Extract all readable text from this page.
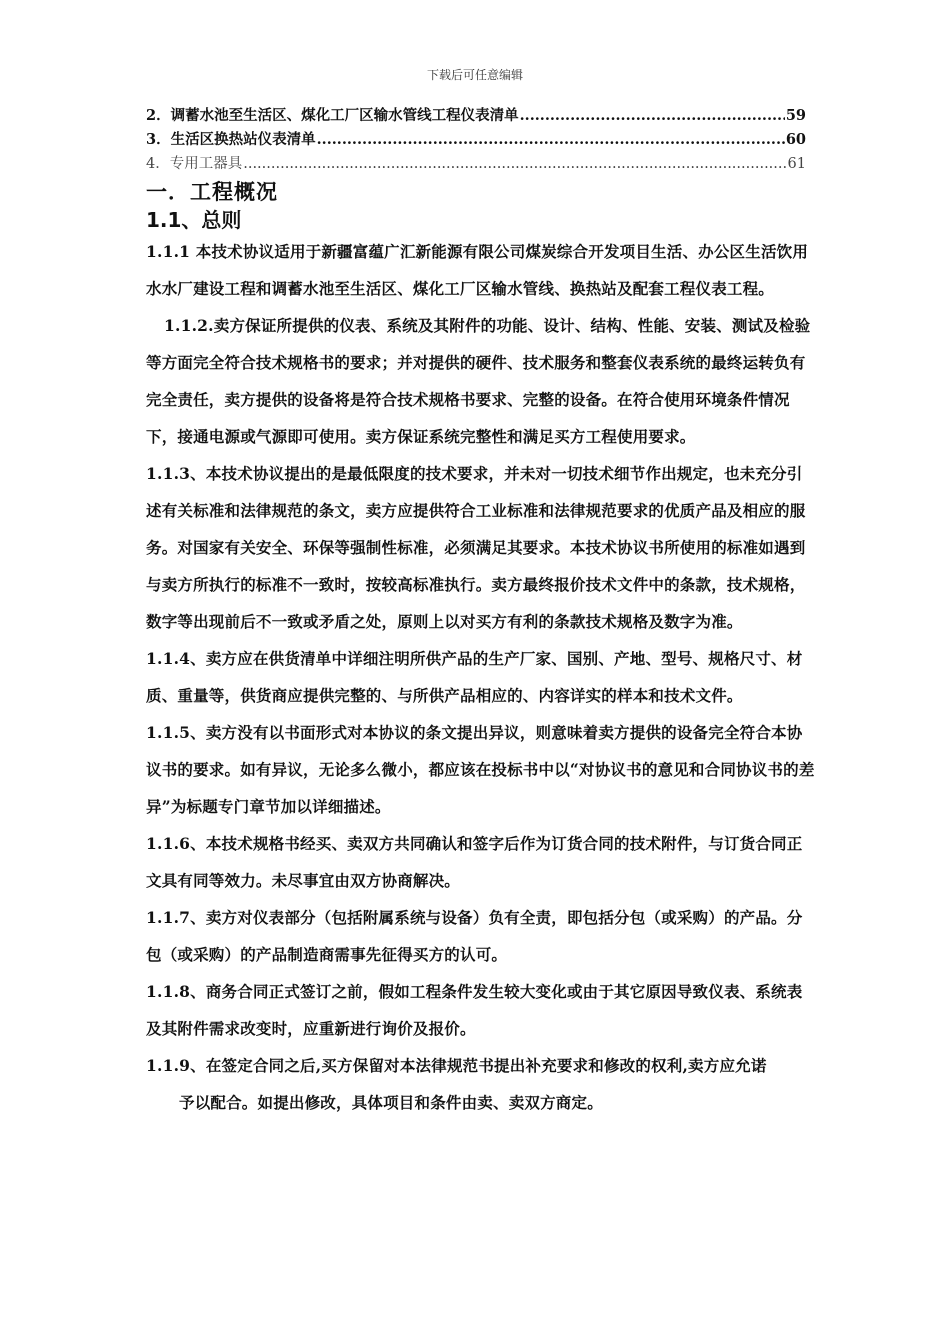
下载后可任意编辑
2． 调蓄水池至生活区、煤化工厂区输水管线工程仪表清单 .....	59
3． 生活区换热站仪表清单 .....	60
4． 专用工器具 .....	61
一．工程概况
1.1、总则

1.1.1 本技术协议适用于新疆富蕴广汇新能源有限公司煤炭综合开发项目生活、办公区生活饮用水水厂建设工程和调蓄水池至生活区、煤化工厂区输水管线、换热站及配套工程仪表工程。

1.1.2.卖方保证所提供的仪表、系统及其附件的功能、设计、结构、性能、安装、测试及检验等方面完全符合技术规格书的要求；并对提供的硬件、技术服务和整套仪表系统的最终运转负有完全责任，卖方提供的设备将是符合技术规格书要求、完整的设备。在符合使用环境条件情况下，接通电源或气源即可使用。卖方保证系统完整性和满足买方工程使用要求。

1.1.3、本技术协议提出的是最低限度的技术要求，并未对一切技术细节作出规定，也未充分引述有关标准和法律规范的条文，卖方应提供符合工业标准和法律规范要求的优质产品及相应的服务。对国家有关安全、环保等强制性标准，必须满足其要求。本技术协议书所使用的标准如遇到与卖方所执行的标准不一致时，按较高标准执行。卖方最终报价技术文件中的条款，技术规格，数字等出现前后不一致或矛盾之处，原则上以对买方有利的条款技术规格及数字为准。

1.1.4、卖方应在供货清单中详细注明所供产品的生产厂家、国别、产地、型号、规格尺寸、材质、重量等，供货商应提供完整的、与所供产品相应的、内容详实的样本和技术文件。

1.1.5、卖方没有以书面形式对本协议的条文提出异议，则意味着卖方提供的设备完全符合本协议书的要求。如有异议，无论多么微小，都应该在投标书中以“对协议书的意见和合同协议书的差异”为标题专门章节加以详细描述。

1.1.6、本技术规格书经买、卖双方共同确认和签字后作为订货合同的技术附件，与订货合同正文具有同等效力。未尽事宜由双方协商解决。

1.1.7、卖方对仪表部分（包括附属系统与设备）负有全责，即包括分包（或采购）的产品。分包（或采购）的产品制造商需事先征得买方的认可。

1.1.8、商务合同正式签订之前，假如工程条件发生较大变化或由于其它原因导致仪表、系统表及其附件需求改变时，应重新进行询价及报价。

1.1.9、在签定合同之后,买方保留对本法律规范书提出补充要求和修改的权利,卖方应允诺
予以配合。如提出修改，具体项目和条件由卖、卖双方商定。
